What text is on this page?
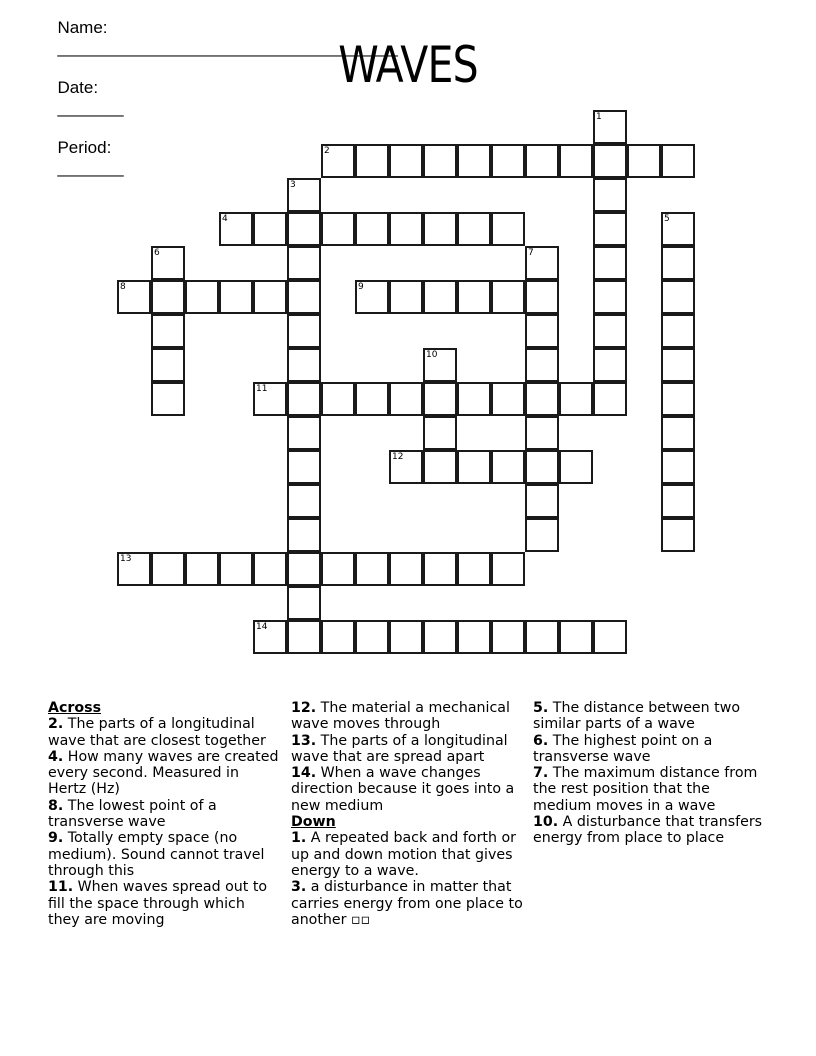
Name:
____________________________________

Date:
_______

Period:
_______

WAVES
1
2
3
4	5
6	7
8	9
10
11
12
13
14
Across
2. The parts of a longitudinal wave that are closest together
4. How many waves are created every second. Measured in Hertz (Hz)
8. The lowest point of a transverse wave
9. Totally empty space (no medium). Sound cannot travel through this
11. When waves spread out to fill the space through which they are moving
12. The material a mechanical wave moves through
13. The parts of a longitudinal wave that are spread apart
14. When a wave changes direction because it goes into a new medium
Down
1. A repeated back and forth or up and down motion that gives energy to a wave.
3. a disturbance in matter that carries energy from one place to another ▫▫
5. The distance between two similar parts of a wave
6. The highest point on a transverse wave
7. The maximum distance from the rest position that the medium moves in a wave
10. A disturbance that transfers energy from place to place
